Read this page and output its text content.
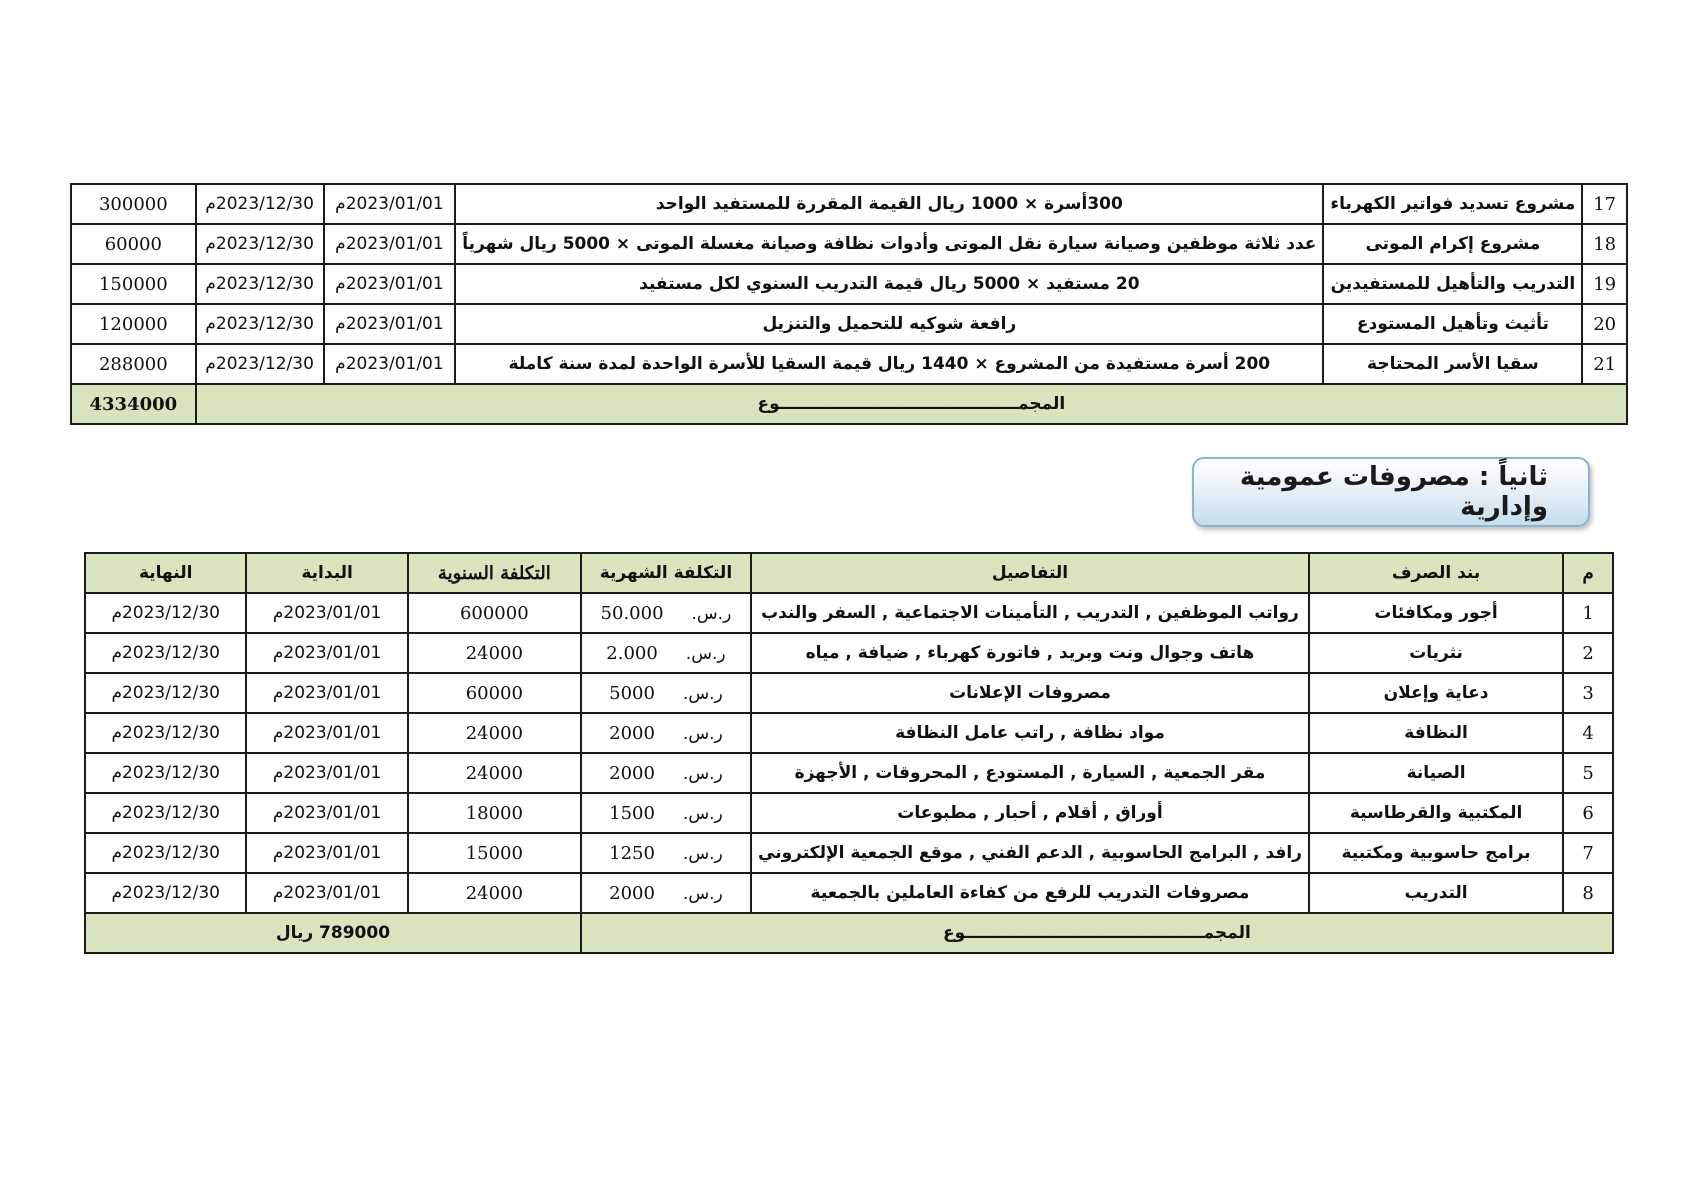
17	مشروع تسديد فواتير الكهرباء	300أسرة × 1000 ريال القيمة المقررة للمستفيد الواحد	2023/01/01م	2023/12/30م	300000
18	مشروع إكرام الموتى	عدد ثلاثة موظفين وصيانة سيارة نقل الموتى وأدوات نظافة وصيانة مغسلة الموتى × 5000 ريال شهرياً	2023/01/01م	2023/12/30م	60000
19	التدريب والتأهيل للمستفيدين	20 مستفيد × 5000 ريال قيمة التدريب السنوي لكل مستفيد	2023/01/01م	2023/12/30م	150000
20	تأثيث وتأهيل المستودع	رافعة شوكيه للتحميل والتنزيل	2023/01/01م	2023/12/30م	120000
21	سقيا الأسر المحتاجة	200 أسرة مستفيدة من المشروع × 1440 ريال قيمة السقيا للأسرة الواحدة لمدة سنة كاملة	2023/01/01م	2023/12/30م	288000
المجمـــــــــــــــــــــــــــــــــــــــــوع					4334000
ثانياً : مصروفات عمومية وإدارية
م	بند الصرف	التفاصيل	التكلفة الشهرية	التكلفة السنوية	البداية	النهاية
1	أجور ومكافئات	رواتب الموظفين , التدريب , التأمينات الاجتماعية , السفر والندب	ر.س.50.000	600000	2023/01/01م	2023/12/30م
2	نثريات	هاتف وجوال ونت وبريد , فاتورة كهرباء , ضيافة , مياه	ر.س.2.000	24000	2023/01/01م	2023/12/30م
3	دعاية وإعلان	مصروفات الإعلانات	ر.س.5000	60000	2023/01/01م	2023/12/30م
4	النظافة	مواد نظافة , راتب عامل النظافة	ر.س.2000	24000	2023/01/01م	2023/12/30م
5	الصيانة	مقر الجمعية , السيارة , المستودع , المحروقات , الأجهزة	ر.س.2000	24000	2023/01/01م	2023/12/30م
6	المكتبية والقرطاسية	أوراق , أقلام , أحبار , مطبوعات	ر.س.1500	18000	2023/01/01م	2023/12/30م
7	برامج حاسوبية ومكتبية	رافد , البرامج الحاسوبية , الدعم الفني , موقع الجمعية الإلكتروني	ر.س.1250	15000	2023/01/01م	2023/12/30م
8	التدريب	مصروفات التدريب للرفع من كفاءة العاملين بالجمعية	ر.س.2000	24000	2023/01/01م	2023/12/30م
المجمـــــــــــــــــــــــــــــــــــــــــوع				789000 ريال		
